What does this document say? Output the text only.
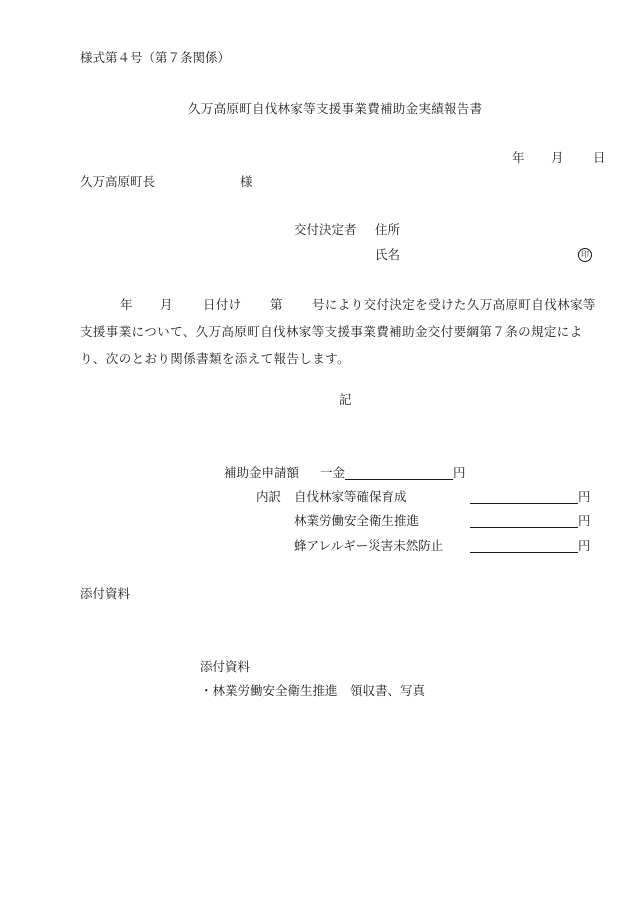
様式第４号（第７条関係）
久万高原町自伐林家等支援事業費補助金実績報告書
年 月 日
久万高原町長	様
交付決定者 住所
氏名	印
年 月 日付け 第 号により交付決定を受けた久万高原町自伐林家等
支援事業について、久万高原町自伐林家等支援事業費補助金交付要綱第７条の規定によ
り、次のとおり関係書類を添えて報告します。
記
補助金申請額 一金	円
内訳 自伐林家等確保育成	円
林業労働安全衛生推進	円
蜂アレルギー災害未然防止	円
添付資料
添付資料
・林業労働安全衛生推進　領収書、写真
